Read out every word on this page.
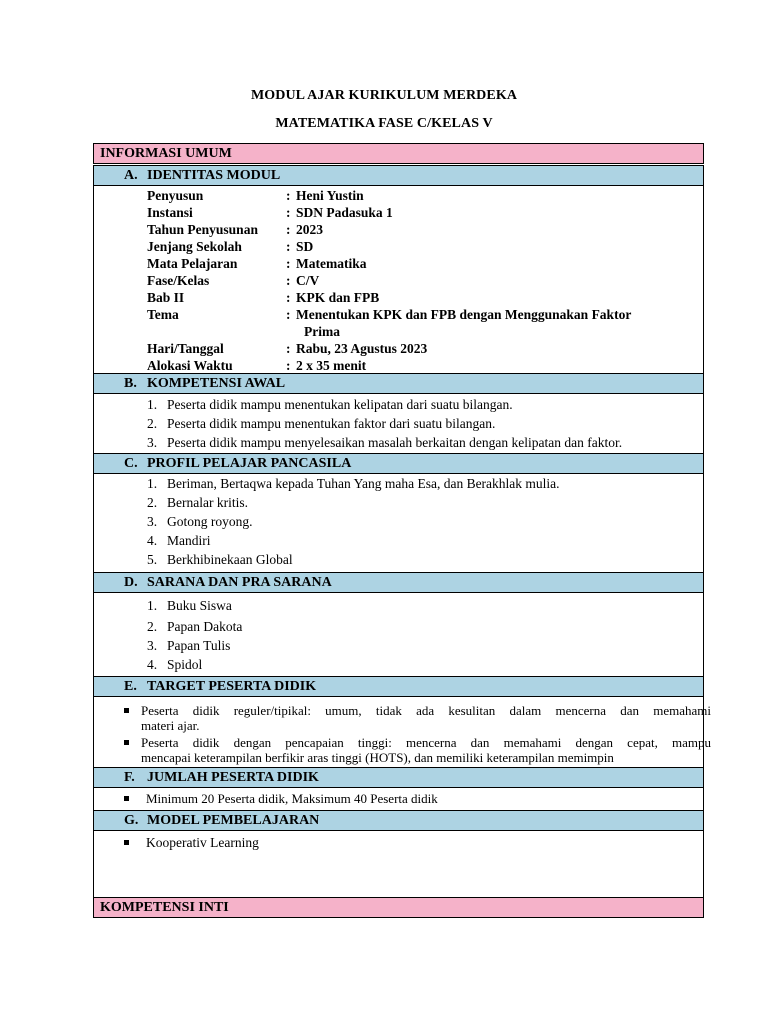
MODUL AJAR KURIKULUM MERDEKA
MATEMATIKA FASE C/KELAS V
INFORMASI UMUM
A. IDENTITAS MODUL
Penyusun	: Heni Yustin
Instansi	: SDN Padasuka 1
Tahun Penyusunan : 2023
Jenjang Sekolah	: SD
Mata Pelajaran	: Matematika
Fase/Kelas	: C/V
Bab II	: KPK dan FPB
Tema	: Menentukan KPK dan FPB dengan Menggunakan Faktor
Prima
Hari/Tanggal	: Rabu, 23 Agustus 2023
Alokasi Waktu	: 2 x 35 menit
B. KOMPETENSI AWAL
1. Peserta didik mampu menentukan kelipatan dari suatu bilangan.
2. Peserta didik mampu menentukan faktor dari suatu bilangan.
3. Peserta didik mampu menyelesaikan masalah berkaitan dengan kelipatan dan faktor.
C. PROFIL PELAJAR PANCASILA
1. Beriman, Bertaqwa kepada Tuhan Yang maha Esa, dan Berakhlak mulia.
2. Bernalar kritis.
3. Gotong royong.
4. Mandiri
5. Berkhibinekaan Global
D. SARANA DAN PRA SARANA
1. Buku Siswa
2. Papan Dakota
3. Papan Tulis
4. Spidol
E. TARGET PESERTA DIDIK
Peserta didik reguler/tipikal: umum, tidak ada kesulitan dalam mencerna dan memahami
materi ajar.
Peserta didik dengan pencapaian tinggi: mencerna dan memahami dengan cepat, mampu
mencapai keterampilan berfikir aras tinggi (HOTS), dan memiliki keterampilan memimpin
F. JUMLAH PESERTA DIDIK
Minimum 20 Peserta didik, Maksimum 40 Peserta didik
G. MODEL PEMBELAJARAN
Kooperativ Learning
KOMPETENSI INTI
